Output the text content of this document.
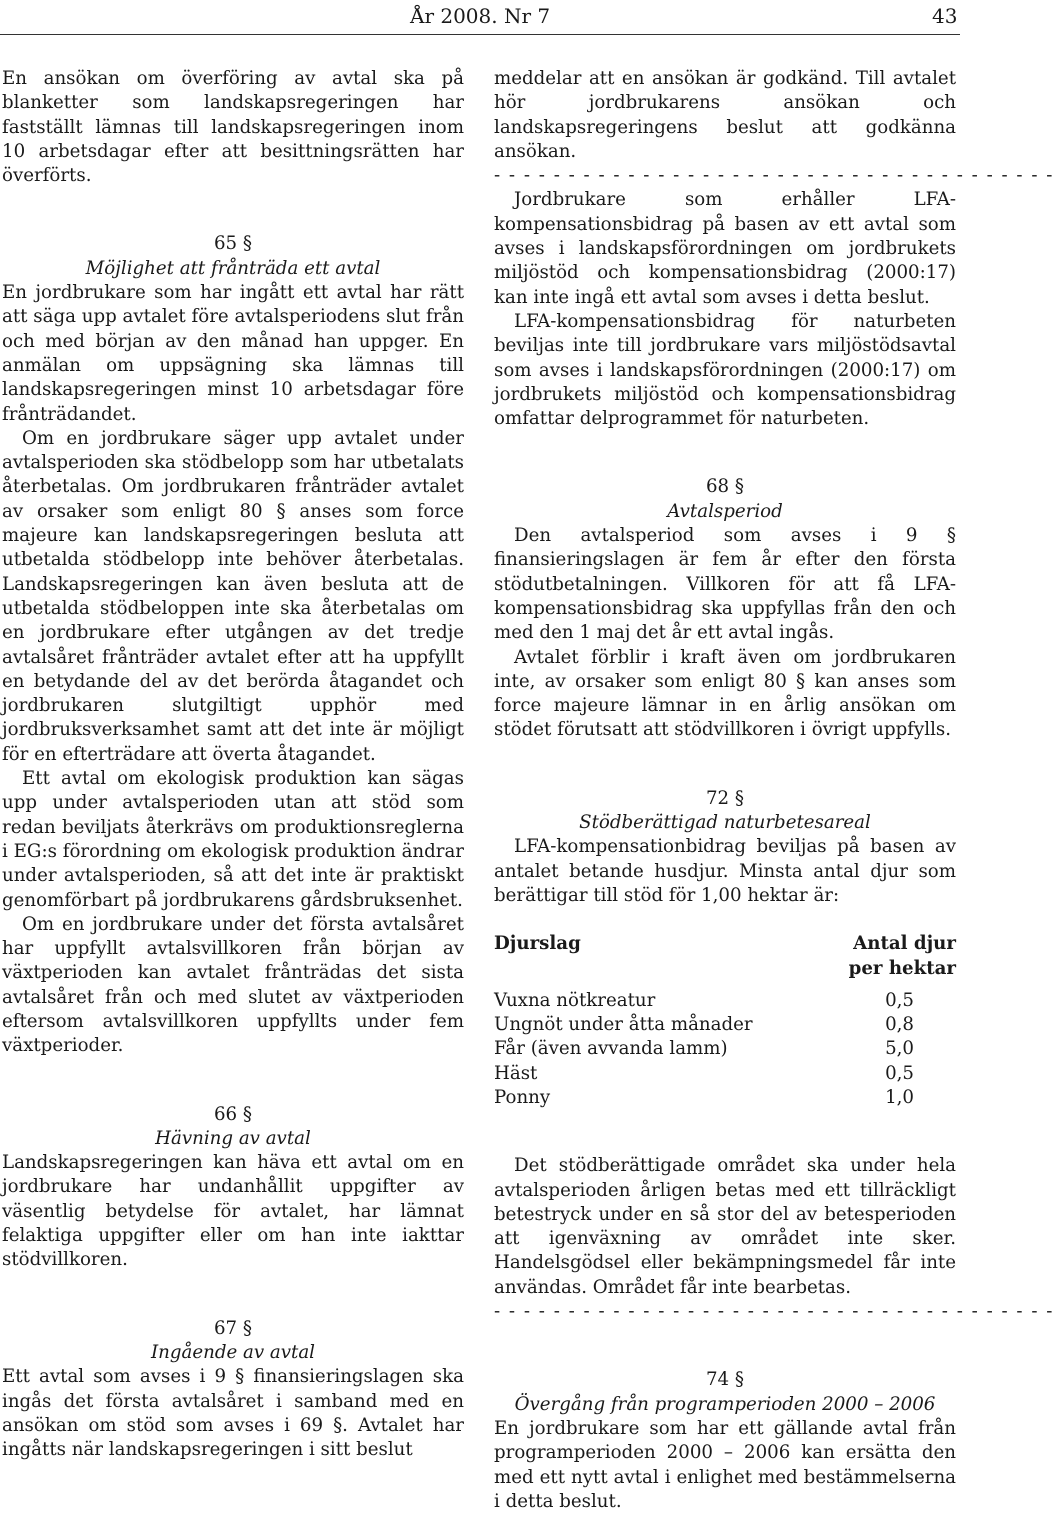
År 2008. Nr 7	43

En ansökan om överföring av avtal ska på blanketter som landskapsregeringen har fastställt lämnas till landskapsregeringen inom 10 arbetsdagar efter att besittningsrätten har överförts.

65 §
Möjlighet att frånträda ett avtal

En jordbrukare som har ingått ett avtal har rätt att säga upp avtalet före avtalsperiodens slut från och med början av den månad han uppger. En anmälan om uppsägning ska lämnas till landskapsregeringen minst 10 arbetsdagar före frånträdandet.

Om en jordbrukare säger upp avtalet under avtalsperioden ska stödbelopp som har utbetalats återbetalas. Om jordbrukaren frånträder avtalet av orsaker som enligt 80 § anses som force majeure kan landskapsregeringen besluta att utbetalda stödbelopp inte behöver återbetalas. Landskapsregeringen kan även besluta att de utbetalda stödbeloppen inte ska återbetalas om en jordbrukare efter utgången av det tredje avtalsåret frånträder avtalet efter att ha uppfyllt en betydande del av det berörda åtagandet och jordbrukaren slutgiltigt upphör med jordbruksverksamhet samt att det inte är möjligt för en efterträdare att överta åtagandet.

Ett avtal om ekologisk produktion kan sägas upp under avtalsperioden utan att stöd som redan beviljats återkrävs om produktionsreglerna i EG:s förordning om ekologisk produktion ändrar under avtalsperioden, så att det inte är praktiskt genomförbart på jordbrukarens gårdsbruksenhet.

Om en jordbrukare under det första avtalsåret har uppfyllt avtalsvillkoren från början av växtperioden kan avtalet frånträdas det sista avtalsåret från och med slutet av växtperioden eftersom avtalsvillkoren uppfyllts under fem växtperioder.

66 §
Hävning av avtal

Landskapsregeringen kan häva ett avtal om en jordbrukare har undanhållit uppgifter av väsentlig betydelse för avtalet, har lämnat felaktiga uppgifter eller om han inte iakttar stödvillkoren.

67 §
Ingående av avtal

Ett avtal som avses i 9 § finansieringslagen ska ingås det första avtalsåret i samband med en ansökan om stöd som avses i 69 §. Avtalet har ingåtts när landskapsregeringen i sitt beslut

meddelar att en ansökan är godkänd. Till avtalet hör jordbrukarens ansökan och landskapsregeringens beslut att godkänna ansökan.

- - - - - - - - - - - - - - - - - - - - - - - - - - - - - - - - - - - - - -

Jordbrukare som erhåller LFA-kompensationsbidrag på basen av ett avtal som avses i landskapsförordningen om jordbrukets miljöstöd och kompensationsbidrag (2000:17) kan inte ingå ett avtal som avses i detta beslut.

LFA-kompensationsbidrag för naturbeten beviljas inte till jordbrukare vars miljöstödsavtal som avses i landskapsförordningen (2000:17) om jordbrukets miljöstöd och kompensationsbidrag omfattar delprogrammet för naturbeten.

68 §
Avtalsperiod

Den avtalsperiod som avses i 9 § finansieringslagen är fem år efter den första stödutbetalningen. Villkoren för att få LFA-kompensationsbidrag ska uppfyllas från den och med den 1 maj det år ett avtal ingås.

Avtalet förblir i kraft även om jordbrukaren inte, av orsaker som enligt 80 § kan anses som force majeure lämnar in en årlig ansökan om stödet förutsatt att stödvillkoren i övrigt uppfylls.

72 §
Stödberättigad naturbetesareal

LFA-kompensationbidrag beviljas på basen av antalet betande husdjur. Minsta antal djur som berättigar till stöd för 1,00 hektar är:

Djurslag	Antal djur
per hektar
Vuxna nötkreatur	0,5
Ungnöt under åtta månader	0,8
Får (även avvanda lamm)	5,0
Häst	0,5
Ponny	1,0

Det stödberättigade området ska under hela avtalsperioden årligen betas med ett tillräckligt betestryck under en så stor del av betesperioden att igenväxning av området inte sker. Handelsgödsel eller bekämpningsmedel får inte användas. Området får inte bearbetas.

- - - - - - - - - - - - - - - - - - - - - - - - - - - - - - - - - - - - - -
74 §
Övergång från programperioden 2000 – 2006

En jordbrukare som har ett gällande avtal från programperioden 2000 – 2006 kan ersätta den med ett nytt avtal i enlighet med bestämmelserna i detta beslut.
